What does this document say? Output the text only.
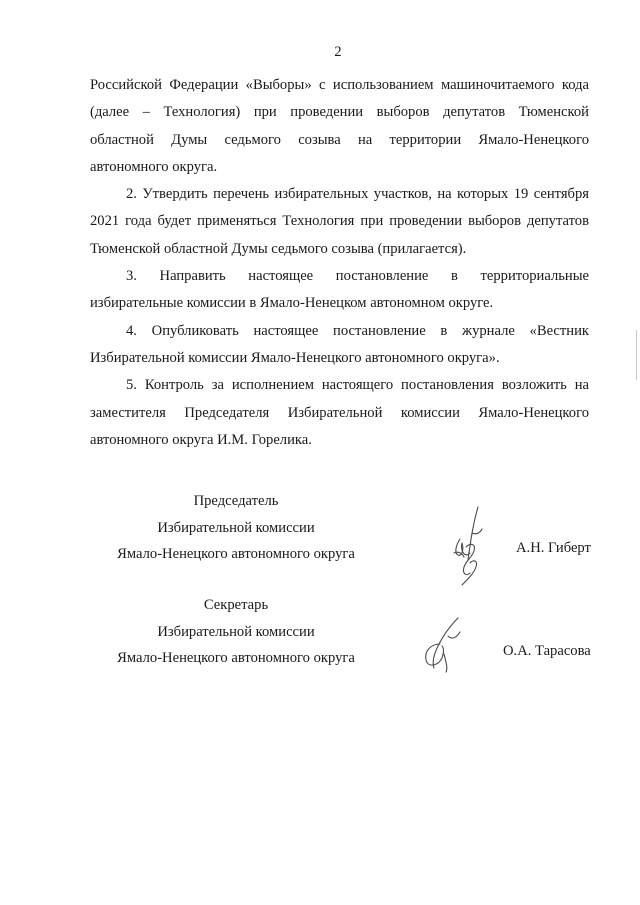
2
Российской Федерации «Выборы» с использованием машиночитаемого кода
(далее – Технология) при проведении выборов депутатов Тюменской
областной Думы седьмого созыва на территории Ямало-Ненецкого
автономного округа.
2. Утвердить перечень избирательных участков, на которых 19 сентября
2021 года будет применяться Технология при проведении выборов депутатов
Тюменской областной Думы седьмого созыва (прилагается).
3. Направить настоящее постановление в территориальные
избирательные комиссии в Ямало-Ненецком автономном округе.
4. Опубликовать настоящее постановление в журнале «Вестник
Избирательной комиссии Ямало-Ненецкого автономного округа».
5. Контроль за исполнением настоящего постановления возложить на
заместителя Председателя Избирательной комиссии Ямало-Ненецкого
автономного округа И.М. Горелика.
Председатель
Избирательной комиссии
Ямало-Ненецкого автономного округа	А.Н. Гиберт
Секретарь
Избирательной комиссии
Ямало-Ненецкого автономного округа	О.А. Тарасова
